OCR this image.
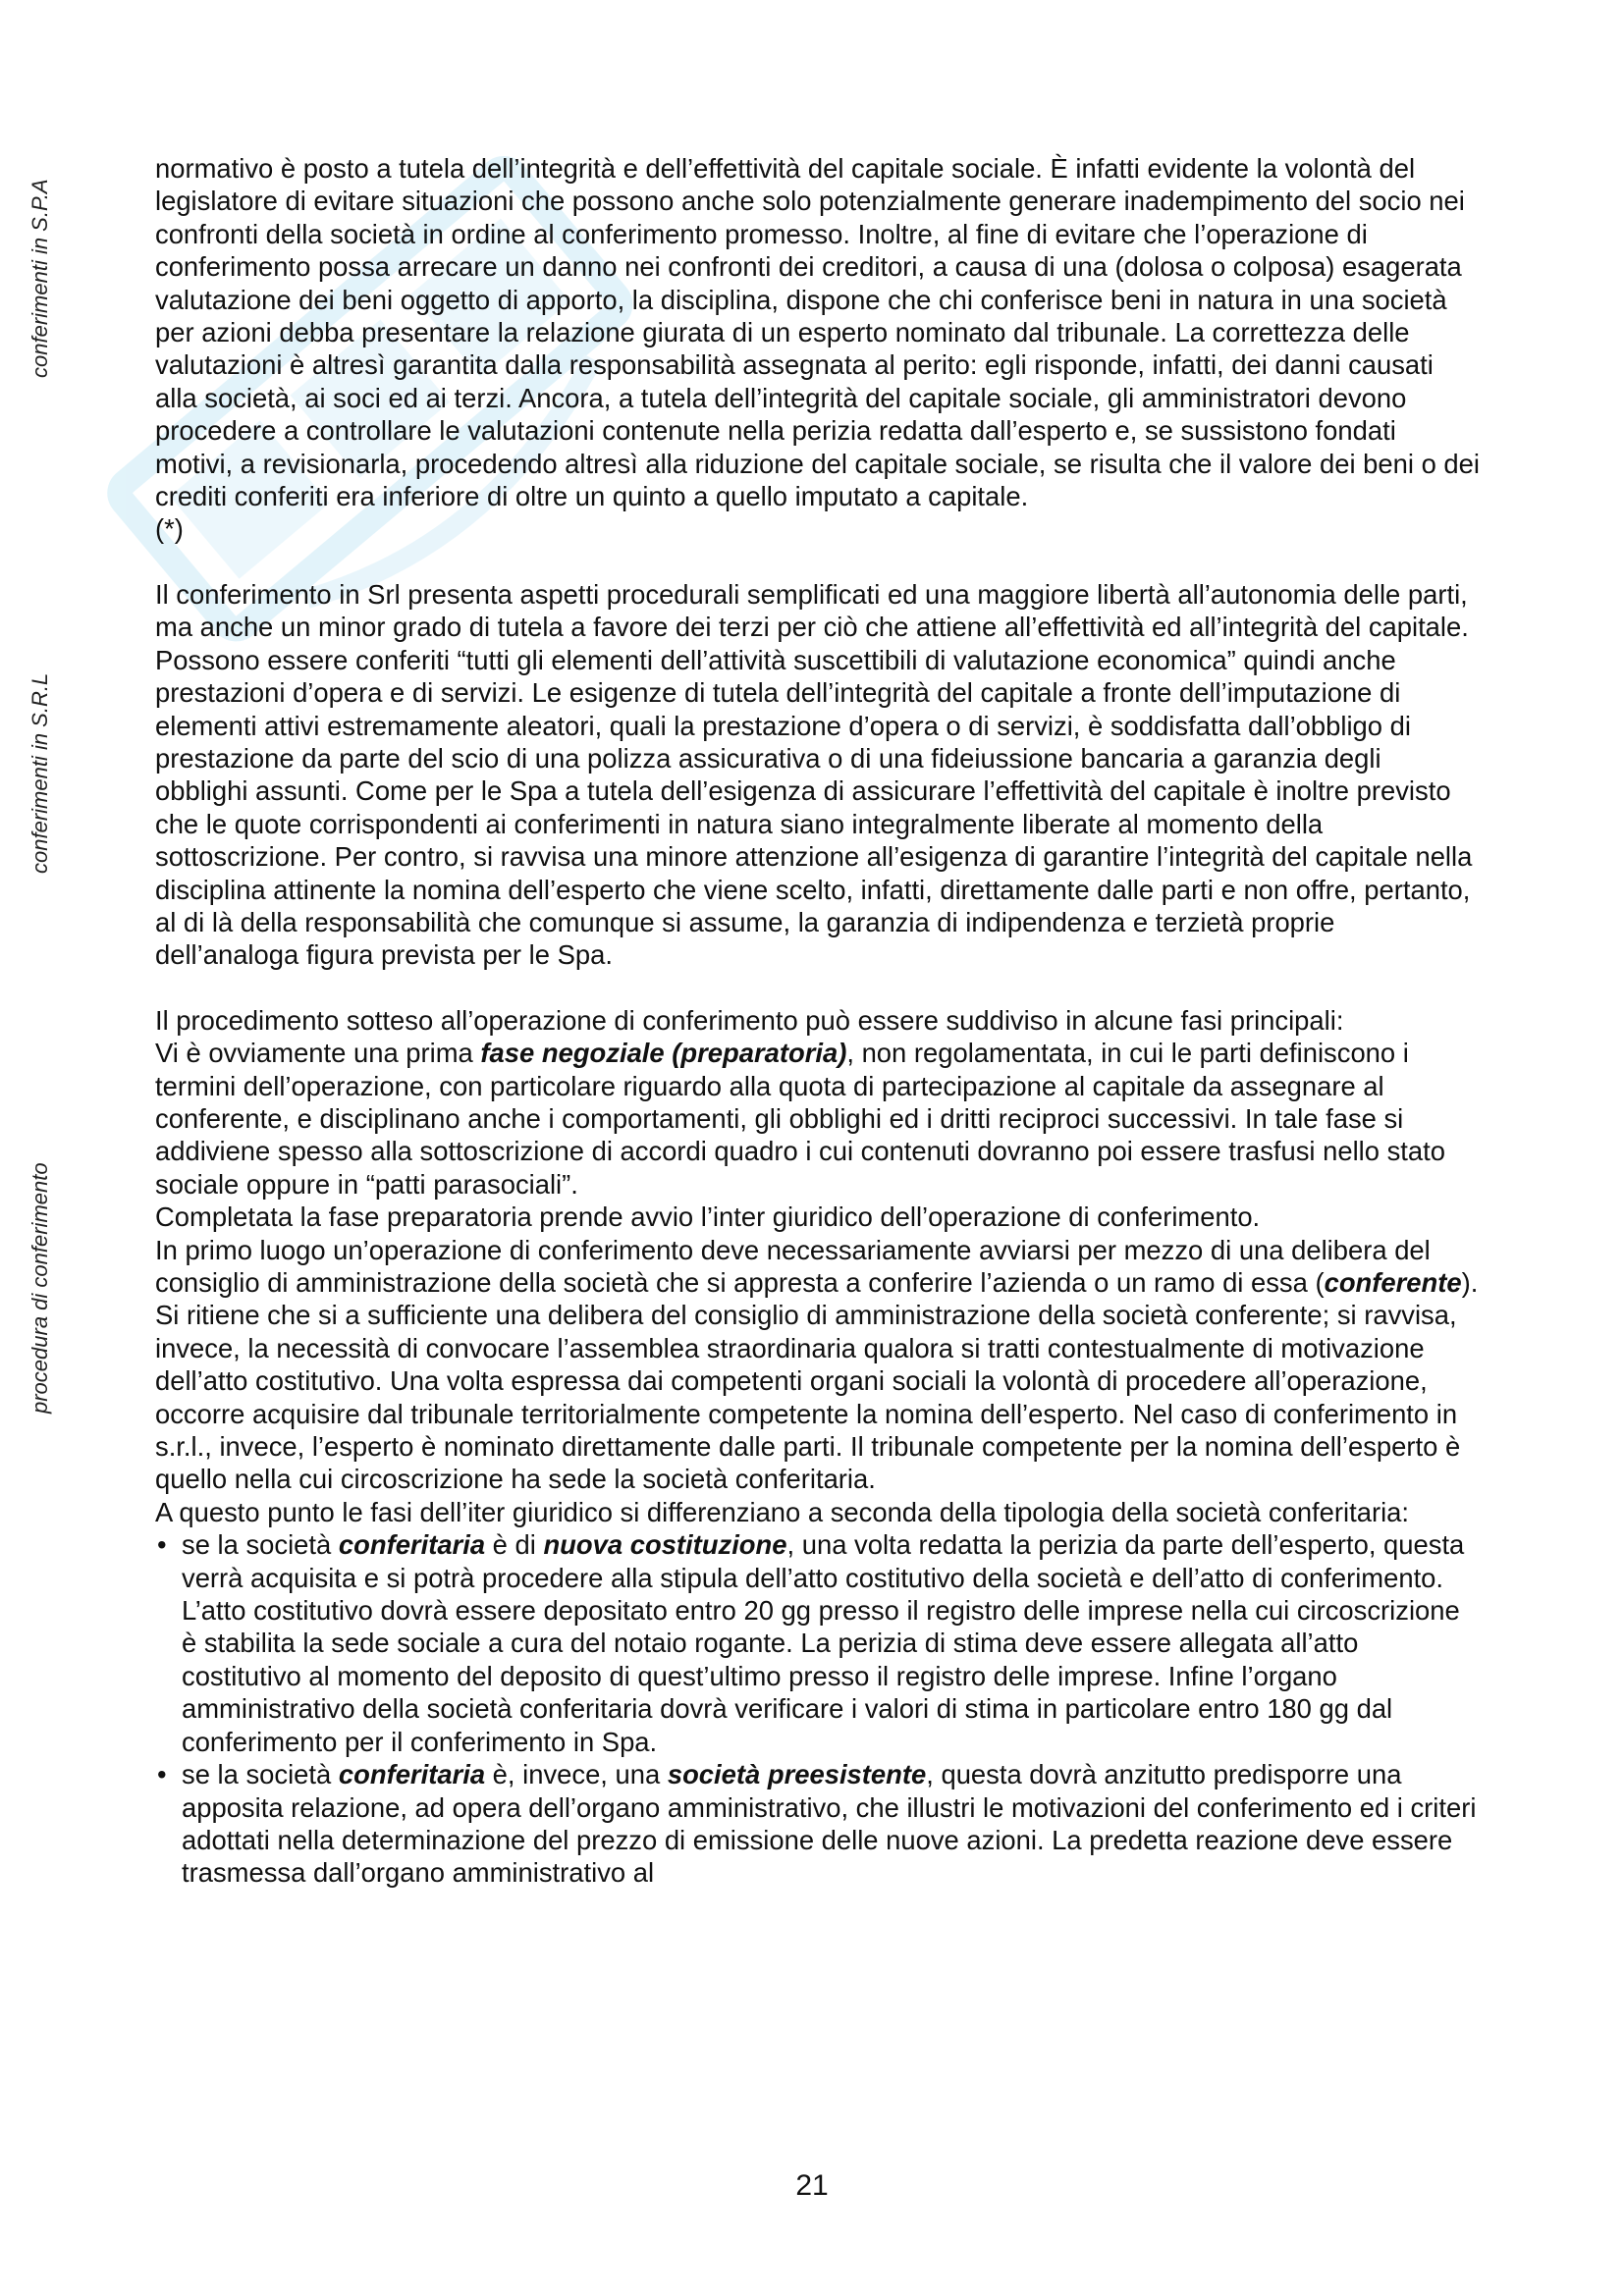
conferimenti in S.P.A
conferimenti in S.R.L
procedura di conferimento

normativo è posto a tutela dell’integrità e dell’effettività del capitale sociale. È infatti evidente la volontà del legislatore di evitare situazioni che possono anche solo potenzialmente generare inadempimento del socio nei confronti della società in ordine al conferimento promesso. Inoltre, al fine di evitare che l’operazione di conferimento possa arrecare un danno nei confronti dei creditori, a causa di una (dolosa o colposa) esagerata valutazione dei beni oggetto di apporto, la disciplina, dispone che chi conferisce beni in natura in una società per azioni debba presentare la relazione giurata di un esperto nominato dal tribunale. La correttezza delle valutazioni è altresì garantita dalla responsabilità assegnata al perito: egli risponde, infatti, dei danni causati alla società, ai soci ed ai terzi. Ancora, a tutela dell’integrità del capitale sociale, gli amministratori devono procedere a controllare le valutazioni contenute nella perizia redatta dall’esperto e, se sussistono fondati motivi, a revisionarla, procedendo altresì alla riduzione del capitale sociale, se risulta che il valore dei beni o dei crediti conferiti era inferiore di oltre un quinto a quello imputato a capitale.

(*)

Il conferimento in Srl presenta aspetti procedurali semplificati ed una maggiore libertà all’autonomia delle parti, ma anche un minor grado di tutela a favore dei terzi per ciò che attiene all’effettività ed all’integrità del capitale. Possono essere conferiti “tutti gli elementi dell’attività suscettibili di valutazione economica” quindi anche prestazioni d’opera e di servizi. Le esigenze di tutela dell’integrità del capitale a fronte dell’imputazione di elementi attivi estremamente aleatori, quali la prestazione d’opera o di servizi, è soddisfatta dall’obbligo di prestazione da parte del scio di una polizza assicurativa o di una fideiussione bancaria a garanzia degli obblighi assunti. Come per le Spa a tutela dell’esigenza di assicurare l’effettività del capitale è inoltre previsto che le quote corrispondenti ai conferimenti in natura siano integralmente liberate al momento della sottoscrizione. Per contro, si ravvisa una minore attenzione all’esigenza di garantire l’integrità del capitale nella disciplina attinente la nomina dell’esperto che viene scelto, infatti, direttamente dalle parti e non offre, pertanto, al di là della responsabilità che comunque si assume, la garanzia di indipendenza e terzietà proprie dell’analoga figura prevista per le Spa.

Il procedimento sotteso all’operazione di conferimento può essere suddiviso in alcune fasi principali:

Vi è ovviamente una prima fase negoziale (preparatoria), non regolamentata, in cui le parti definiscono i termini dell’operazione, con particolare riguardo alla quota di partecipazione al capitale da assegnare al conferente, e disciplinano anche i comportamenti, gli obblighi ed i dritti reciproci successivi. In tale fase si addiviene spesso alla sottoscrizione di accordi quadro i cui contenuti dovranno poi essere trasfusi nello stato sociale oppure in “patti parasociali”.

Completata la fase preparatoria prende avvio l’inter giuridico dell’operazione di conferimento.

In primo luogo un’operazione di conferimento deve necessariamente avviarsi per mezzo di una delibera del consiglio di amministrazione della società che si appresta a conferire l’azienda o un ramo di essa (conferente). Si ritiene che si a sufficiente una delibera del consiglio di amministrazione della società conferente; si ravvisa, invece, la necessità di convocare l’assemblea straordinaria qualora si tratti contestualmente di motivazione dell’atto costitutivo. Una volta espressa dai competenti organi sociali la volontà di procedere all’operazione, occorre acquisire dal tribunale territorialmente competente la nomina dell’esperto. Nel caso di conferimento in s.r.l., invece, l’esperto è nominato direttamente dalle parti. Il tribunale competente per la nomina dell’esperto è quello nella cui circoscrizione ha sede la società conferitaria.

A questo punto le fasi dell’iter giuridico si differenziano a seconda della tipologia della società conferitaria:

• se la società conferitaria è di nuova costituzione, una volta redatta la perizia da parte dell’esperto, questa verrà acquisita e si potrà procedere alla stipula dell’atto costitutivo della società e dell’atto di conferimento. L’atto costitutivo dovrà essere depositato entro 20 gg presso il registro delle imprese nella cui circoscrizione è stabilita la sede sociale a cura del notaio rogante. La perizia di stima deve essere allegata all’atto costitutivo al momento del deposito di quest’ultimo presso il registro delle imprese. Infine l’organo amministrativo della società conferitaria dovrà verificare i valori di stima in particolare entro 180 gg dal conferimento per il conferimento in Spa.
• se la società conferitaria è, invece, una società preesistente, questa dovrà anzitutto predisporre una apposita relazione, ad opera dell’organo amministrativo, che illustri le motivazioni del conferimento ed i criteri adottati nella determinazione del prezzo di emissione delle nuove azioni. La predetta reazione deve essere trasmessa dall’organo amministrativo al
21
